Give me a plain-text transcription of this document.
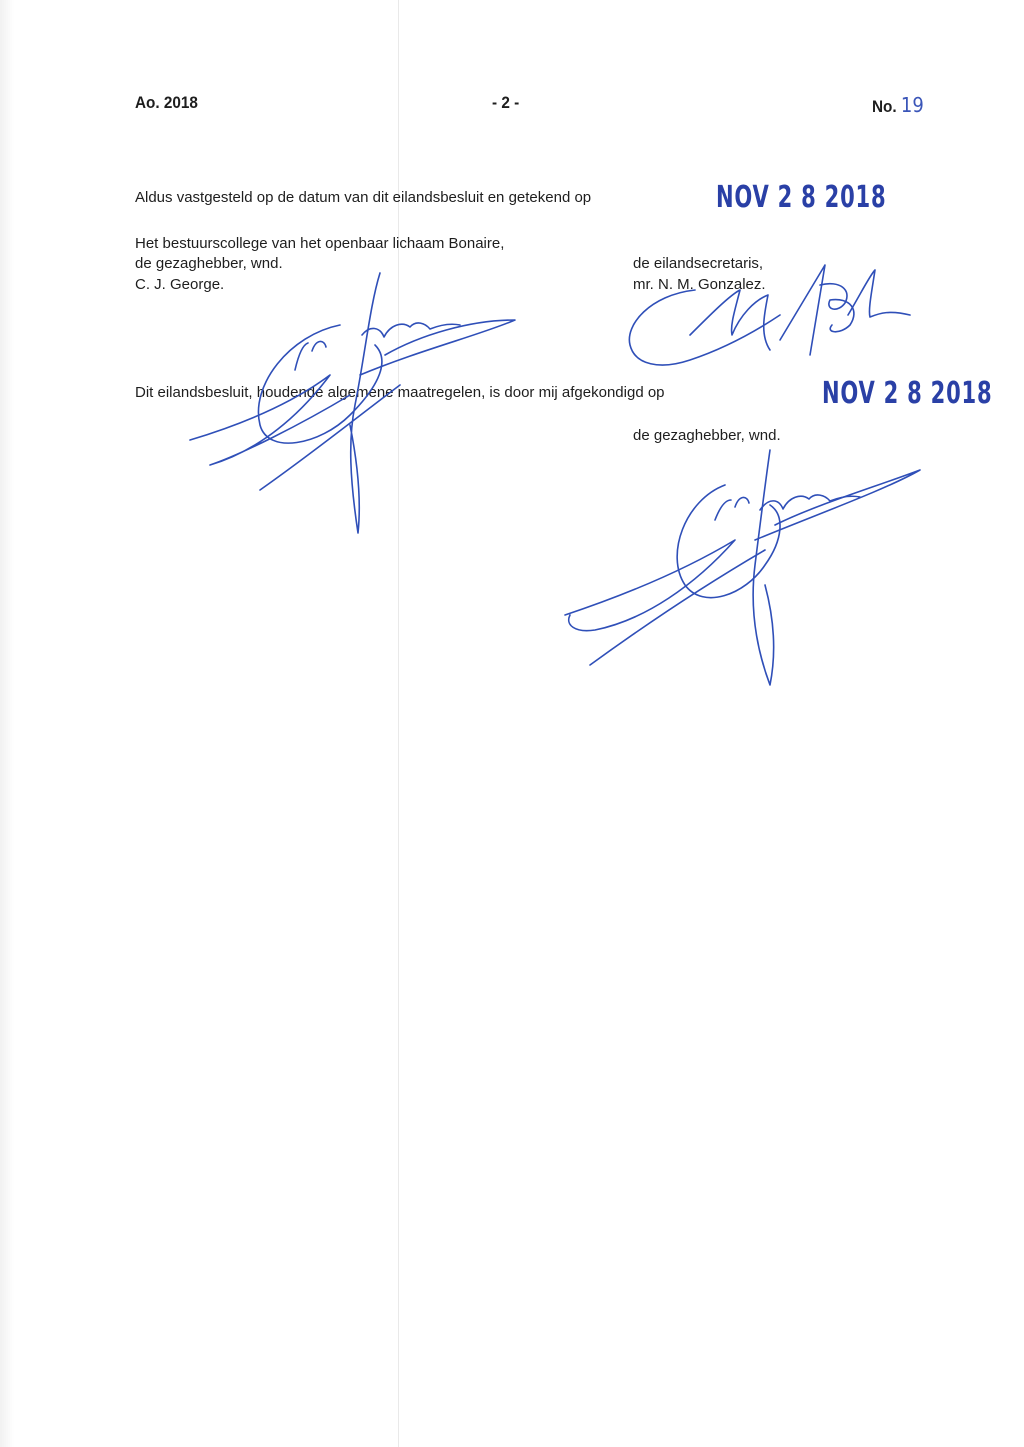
Ao. 2018	- 2 -	No. 19
Aldus vastgesteld op de datum van dit eilandsbesluit en getekend op	NOV 2 8 2018
Het bestuurscollege van het openbaar lichaam Bonaire,
de gezaghebber, wnd.
C. J. George.
de eilandsecretaris,
mr. N. M. Gonzalez.
Dit eilandsbesluit, houdende algemene maatregelen, is door mij afgekondigd op	NOV 2 8 2018
de gezaghebber, wnd.
